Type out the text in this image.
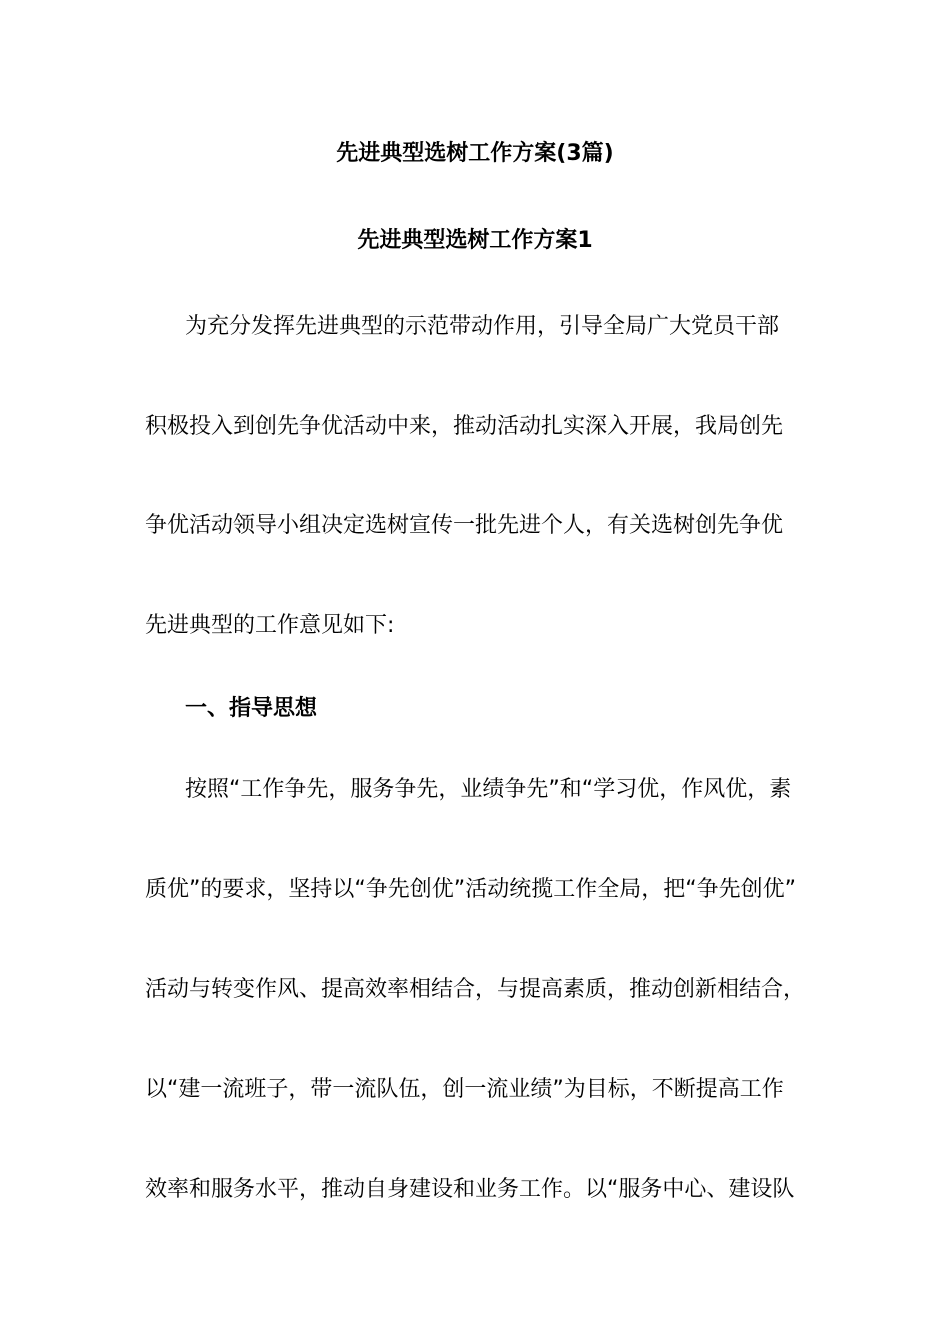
先进典型选树工作方案(3篇)
先进典型选树工作方案1
为充分发挥先进典型的示范带动作用，引导全局广大党员干部
积极投入到创先争优活动中来，推动活动扎实深入开展，我局创先
争优活动领导小组决定选树宣传一批先进个人，有关选树创先争优
先进典型的工作意见如下:
一、指导思想
按照“工作争先，服务争先，业绩争先”和“学习优，作风优，素
质优”的要求，坚持以“争先创优”活动统揽工作全局，把“争先创优”
活动与转变作风、提高效率相结合，与提高素质，推动创新相结合，
以“建一流班子，带一流队伍，创一流业绩”为目标，不断提高工作
效率和服务水平，推动自身建设和业务工作。以“服务中心、建设队
